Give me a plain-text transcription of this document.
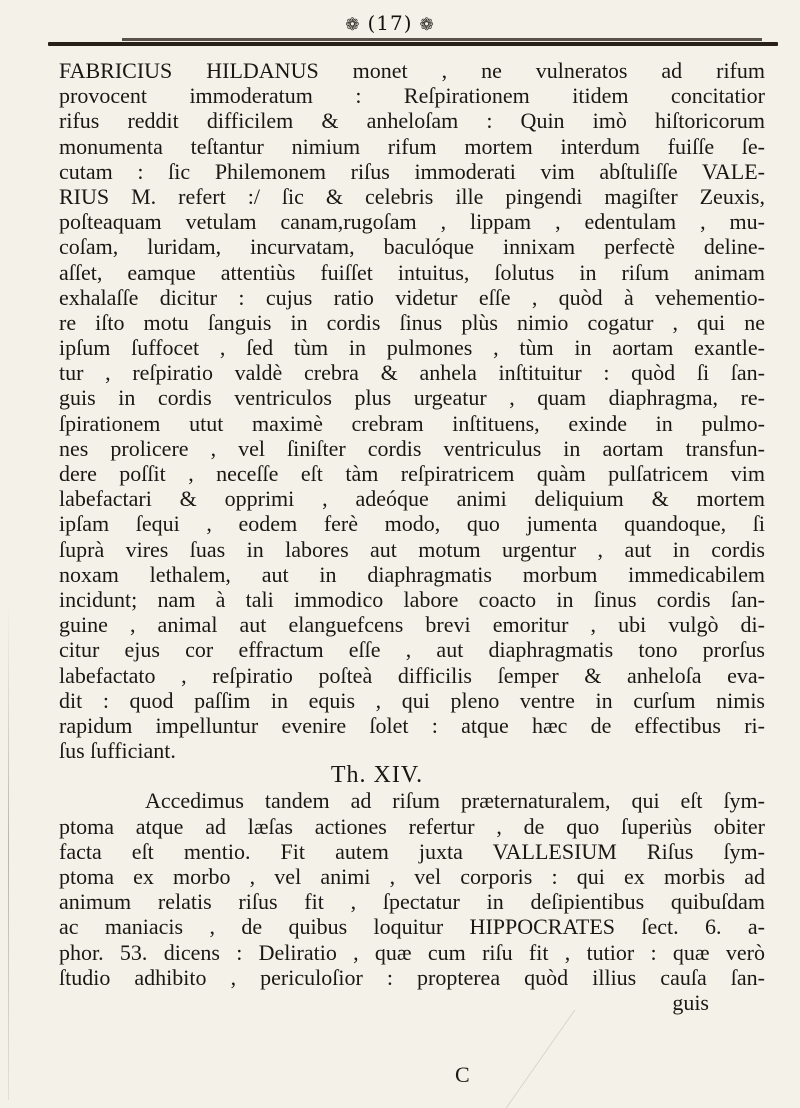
❁ (17) ❁
FABRICIUS HILDANUS monet , ne vulneratos ad rifum
provocent immoderatum : Reſpirationem itidem concitatior
rifus reddit difficilem & anheloſam : Quin imò hiſtoricorum
monumenta teſtantur nimium rifum mortem interdum fuiſſe ſe-
cutam : ſic Philemonem riſus immoderati vim abſtuliſſe VALE-
RIUS M. refert :/ ſic & celebris ille pingendi magiſter Zeuxis,
poſteaquam vetulam canam,rugoſam , lippam , edentulam , mu-
coſam, luridam, incurvatam, baculóque innixam perfectè deline-
aſſet, eamque attentiùs fuiſſet intuitus, ſolutus in riſum animam
exhalaſſe dicitur : cujus ratio videtur eſſe , quòd à vehementio-
re iſto motu ſanguis in cordis ſinus plùs nimio cogatur , qui ne
ipſum ſuffocet , ſed tùm in pulmones , tùm in aortam exantle-
tur , reſpiratio valdè crebra & anhela inſtituitur : quòd ſi ſan-
guis in cordis ventriculos plus urgeatur , quam diaphragma, re-
ſpirationem utut maximè crebram inſtituens, exinde in pulmo-
nes prolicere , vel ſiniſter cordis ventriculus in aortam transfun-
dere poſſit , neceſſe eſt tàm reſpiratricem quàm pulſatricem vim
labefactari & opprimi , adeóque animi deliquium & mortem
ipſam ſequi , eodem ferè modo, quo jumenta quandoque, ſi
ſuprà vires ſuas in labores aut motum urgentur , aut in cordis
noxam lethalem, aut in diaphragmatis morbum immedicabilem
incidunt; nam à tali immodico labore coacto in ſinus cordis ſan-
guine , animal aut elanguefcens brevi emoritur , ubi vulgò di-
citur ejus cor effractum eſſe , aut diaphragmatis tono prorſus
labefactato , reſpiratio poſteà difficilis ſemper & anheloſa eva-
dit : quod paſſim in equis , qui pleno ventre in curſum nimis
rapidum impelluntur evenire ſolet : atque hæc de effectibus ri-
ſus ſufficiant.
Th. XIV.
Accedimus tandem ad riſum præternaturalem, qui eſt ſym-
ptoma atque ad læſas actiones refertur , de quo ſuperiùs obiter
facta eſt mentio. Fit autem juxta VALLESIUM Riſus ſym-
ptoma ex morbo , vel animi , vel corporis : qui ex morbis ad
animum relatis riſus fit , ſpectatur in deſipientibus quibuſdam
ac maniacis , de quibus loquitur HIPPOCRATES ſect. 6. a-
phor. 53. dicens : Deliratio , quæ cum riſu fit , tutior : quæ verò
ſtudio adhibito , periculoſior : propterea quòd illius cauſa ſan-
guis
C
